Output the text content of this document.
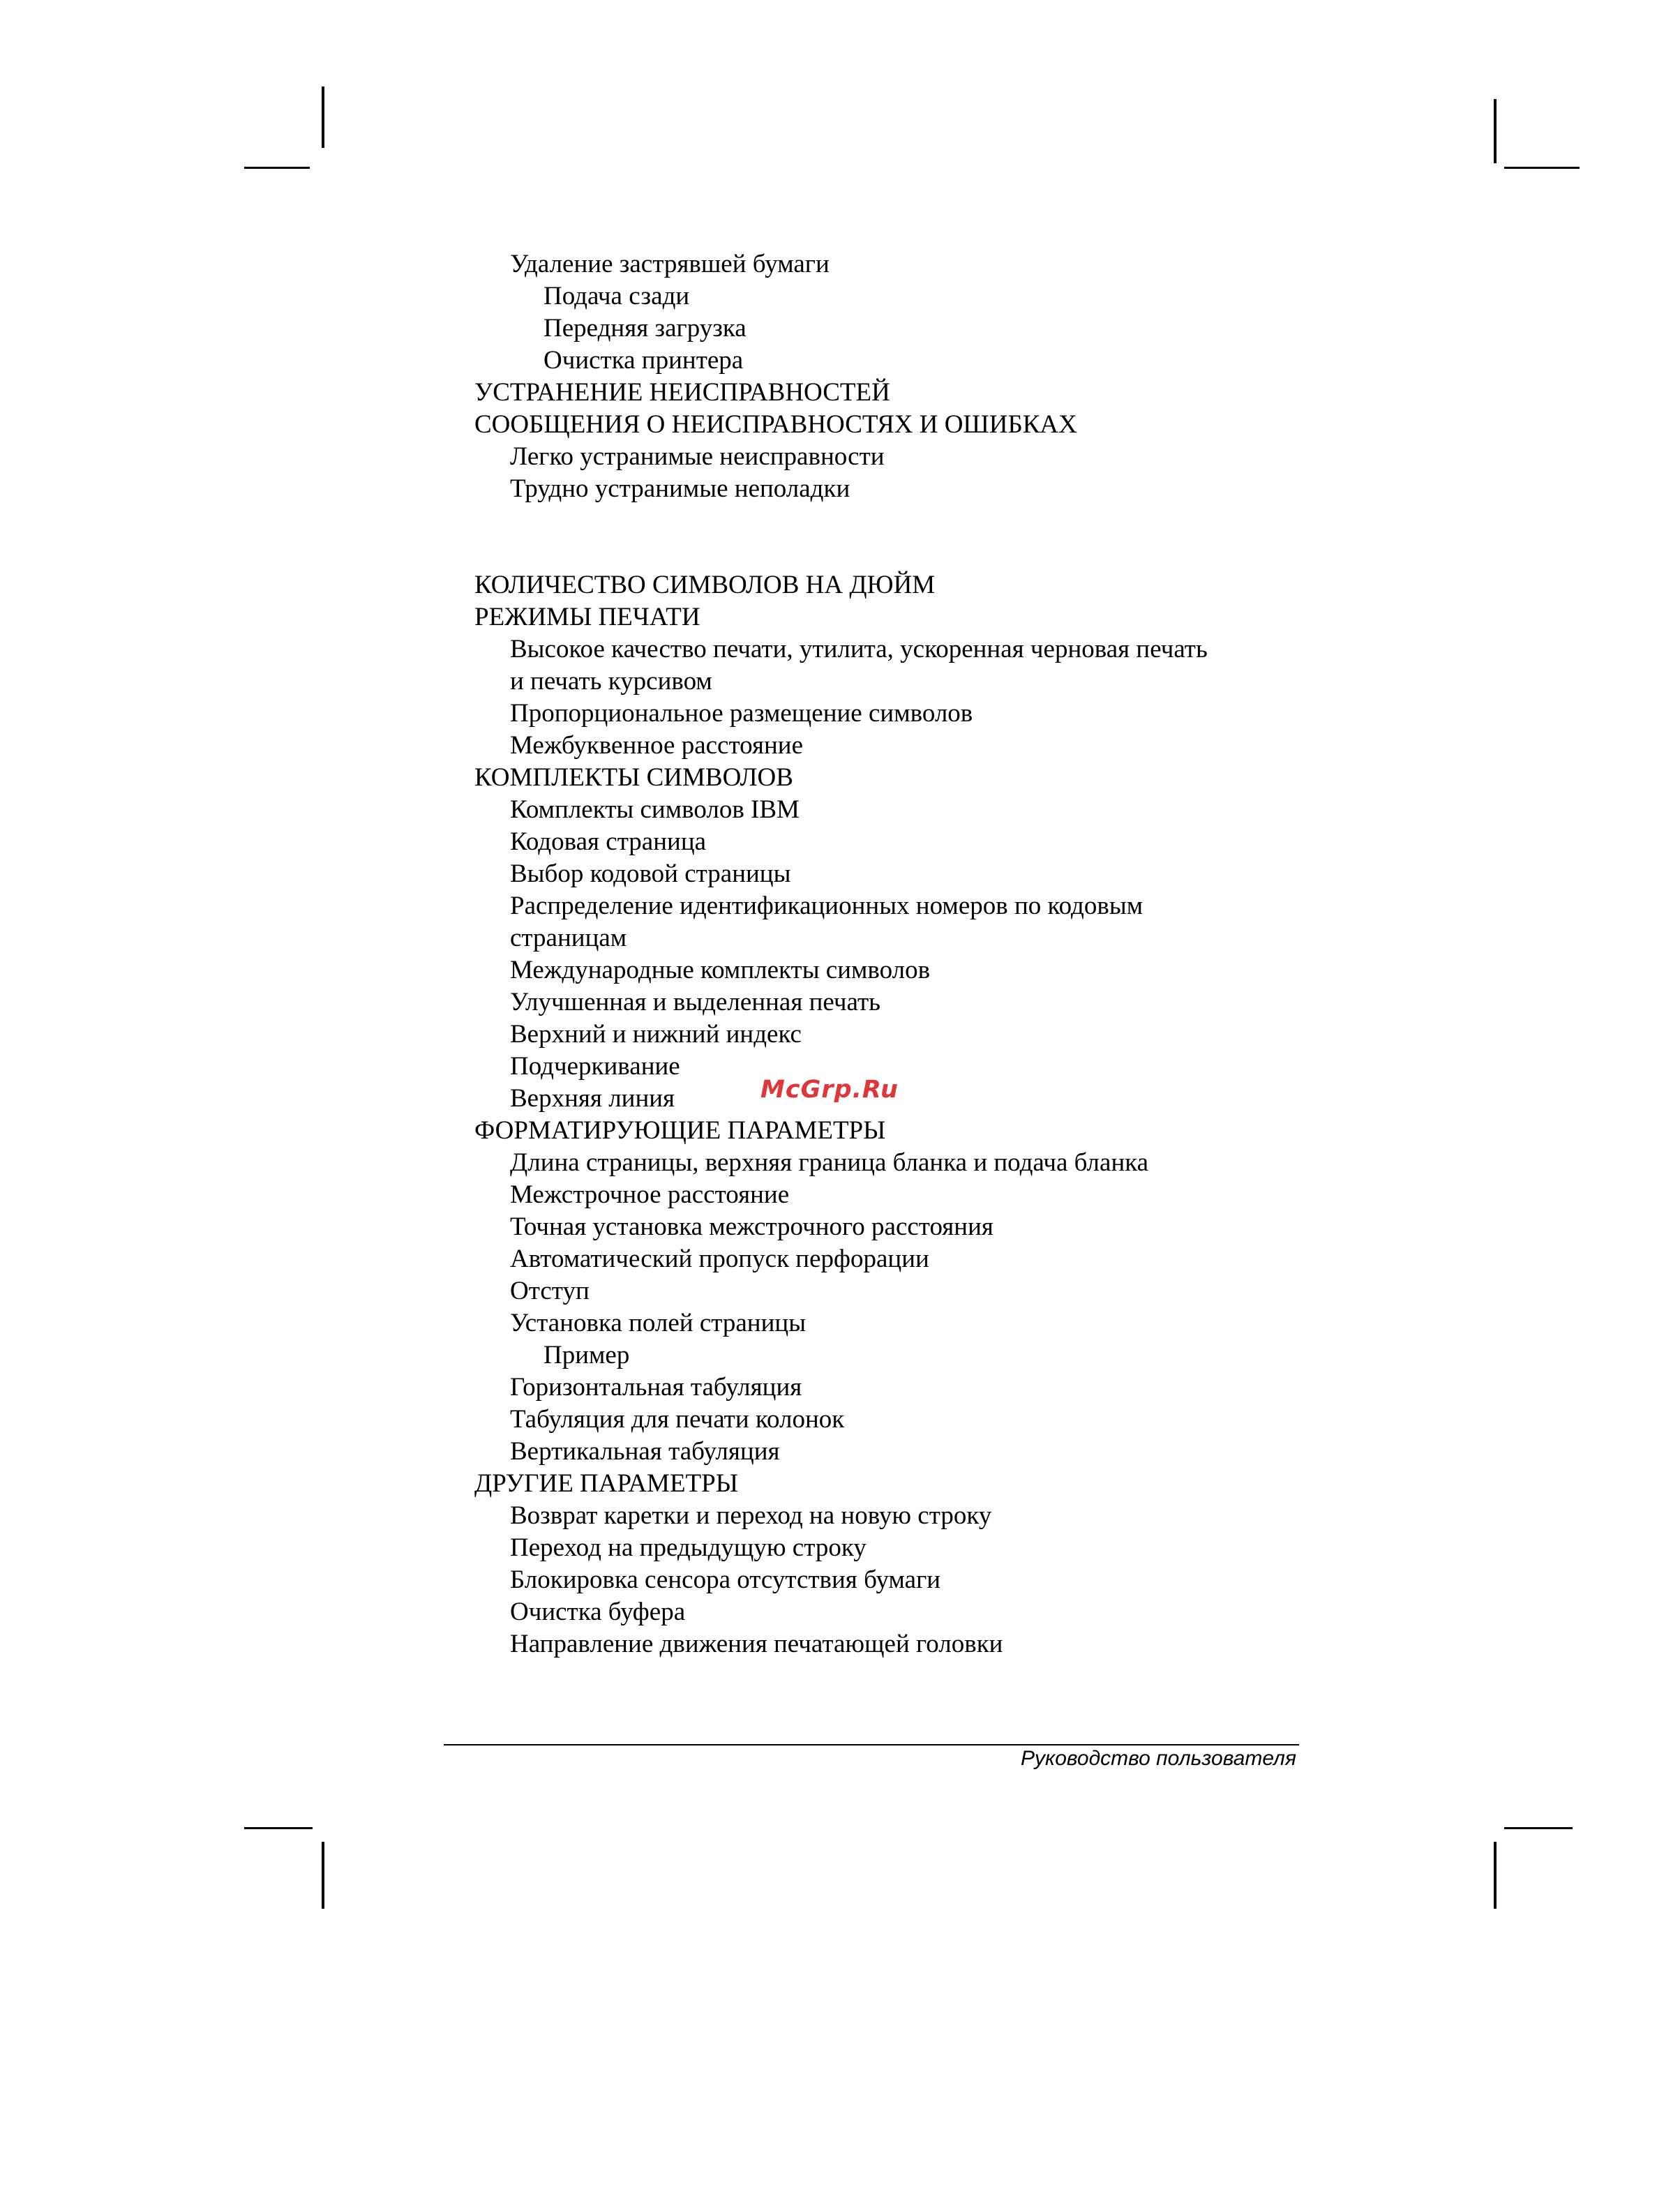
Удаление застрявшей бумаги
Подача сзади
Передняя загрузка
Очистка принтера
УСТРАНЕНИЕ НЕИСПРАВНОСТЕЙ
СООБЩЕНИЯ О НЕИСПРАВНОСТЯХ И ОШИБКАХ
Легко устранимые неисправности
Трудно устранимые неполадки
КОЛИЧЕСТВО СИМВОЛОВ НА ДЮЙМ
РЕЖИМЫ ПЕЧАТИ
Высокое качество печати, утилита, ускоренная черновая печать
и печать курсивом
Пропорциональное размещение символов
Межбуквенное расстояние
КОМПЛЕКТЫ СИМВОЛОВ
Комплекты символов IBM
Кодовая страница
Выбор кодовой страницы
Распределение идентификационных номеров по кодовым
страницам
Международные комплекты символов
Улучшенная и выделенная печать
Верхний и нижний индекс
Подчеркивание
Верхняя линия
ФОРМАТИРУЮЩИЕ ПАРАМЕТРЫ
Длина страницы, верхняя граница бланка и подача бланка
Межстрочное расстояние
Точная установка межстрочного расстояния
Автоматический пропуск перфорации
Отступ
Установка полей страницы
Пример
Горизонтальная табуляция
Табуляция для печати колонок
Вертикальная табуляция
ДРУГИЕ ПАРАМЕТРЫ
Возврат каретки и переход на новую строку
Переход на предыдущую строку
Блокировка сенсора отсутствия бумаги
Очистка буфера
Направление движения печатающей головки
McGrp.Ru
Руководство пользователя
